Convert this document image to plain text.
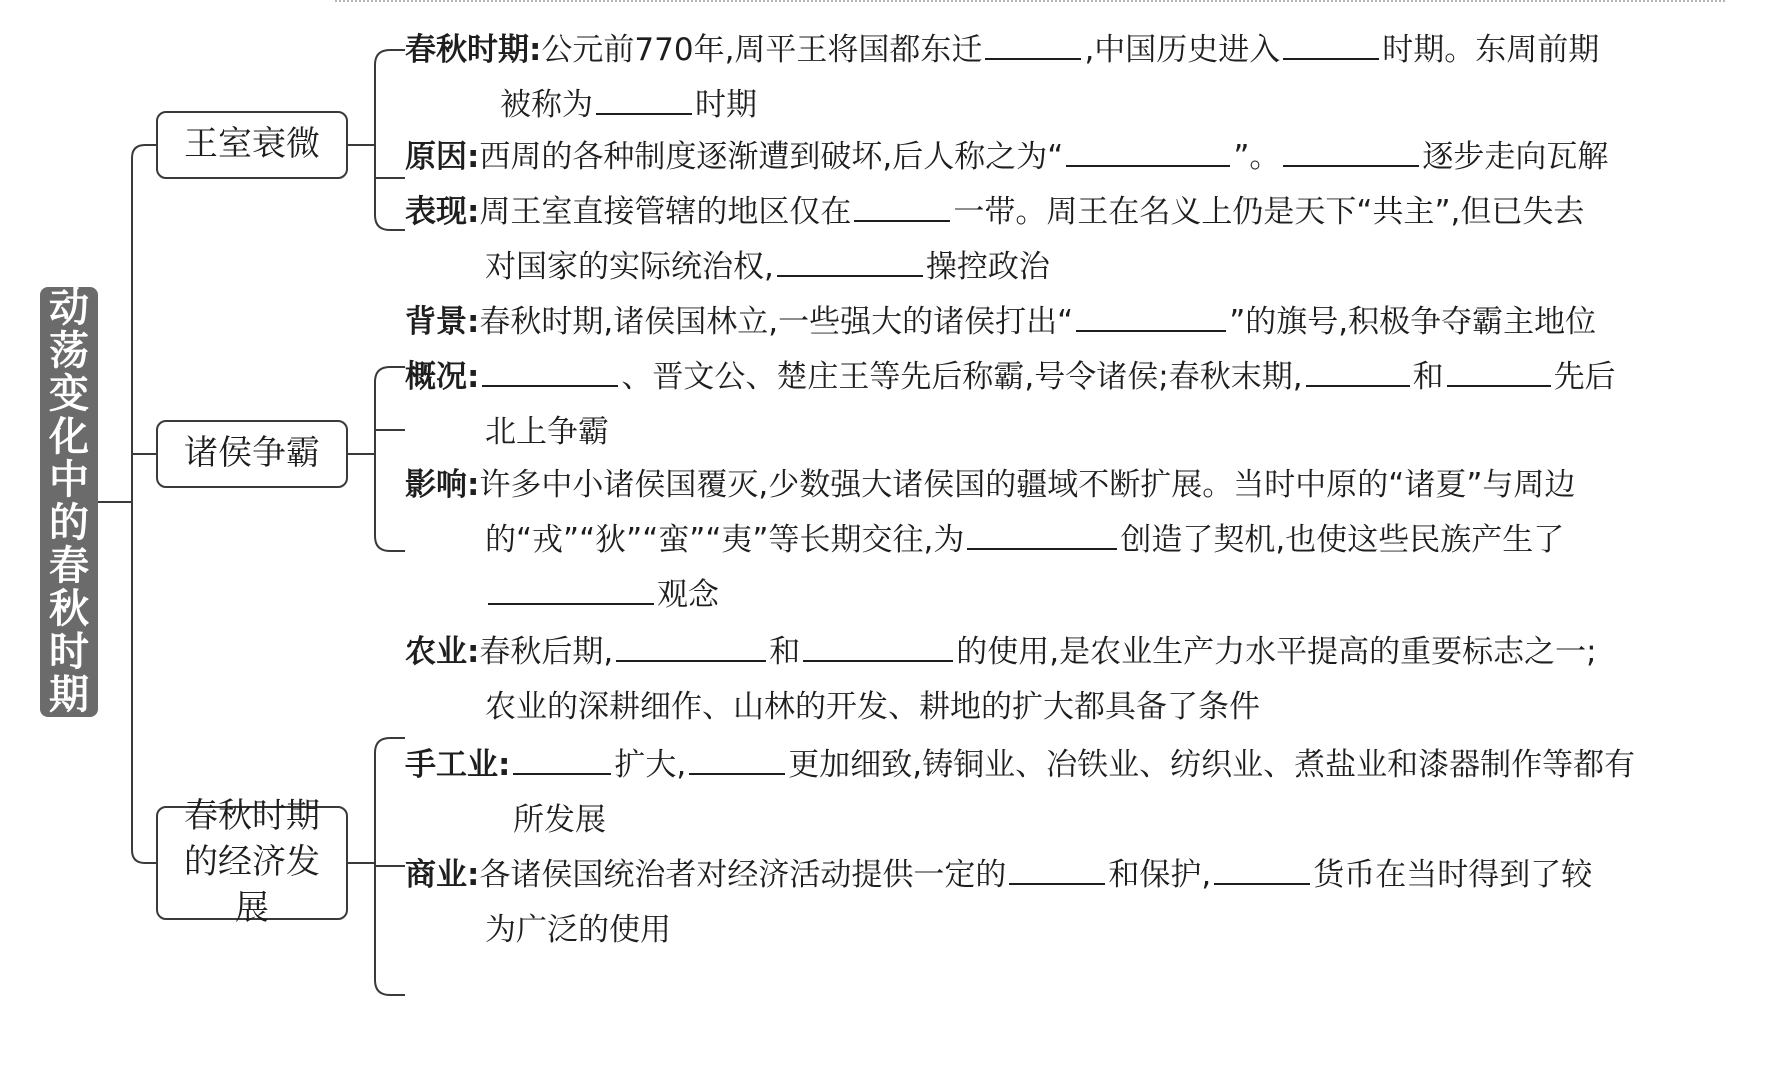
动荡变化中的春秋时期
王室衰微
诸侯争霸
春秋时期的经济发展
春秋时期:公元前770年,周平王将国都东迁	,中国历史进入	时期。东周前期
被称为	时期
原因:西周的各种制度逐渐遭到破坏,后人称之为“	”。	逐步走向瓦解
表现:周王室直接管辖的地区仅在	一带。周王在名义上仍是天下“共主”,但已失去
对国家的实际统治权,	操控政治
背景:春秋时期,诸侯国林立,一些强大的诸侯打出“	”的旗号,积极争夺霸主地位
概况:	、晋文公、楚庄王等先后称霸,号令诸侯;春秋末期,	和	先后
北上争霸
影响:许多中小诸侯国覆灭,少数强大诸侯国的疆域不断扩展。当时中原的“诸夏”与周边
的“戎”“狄”“蛮”“夷”等长期交往,为	创造了契机,也使这些民族产生了
观念
农业:春秋后期,	和	的使用,是农业生产力水平提高的重要标志之一;
农业的深耕细作、山林的开发、耕地的扩大都具备了条件
手工业:	扩大,	更加细致,铸铜业、冶铁业、纺织业、煮盐业和漆器制作等都有
所发展
商业:各诸侯国统治者对经济活动提供一定的	和保护,	货币在当时得到了较
为广泛的使用
